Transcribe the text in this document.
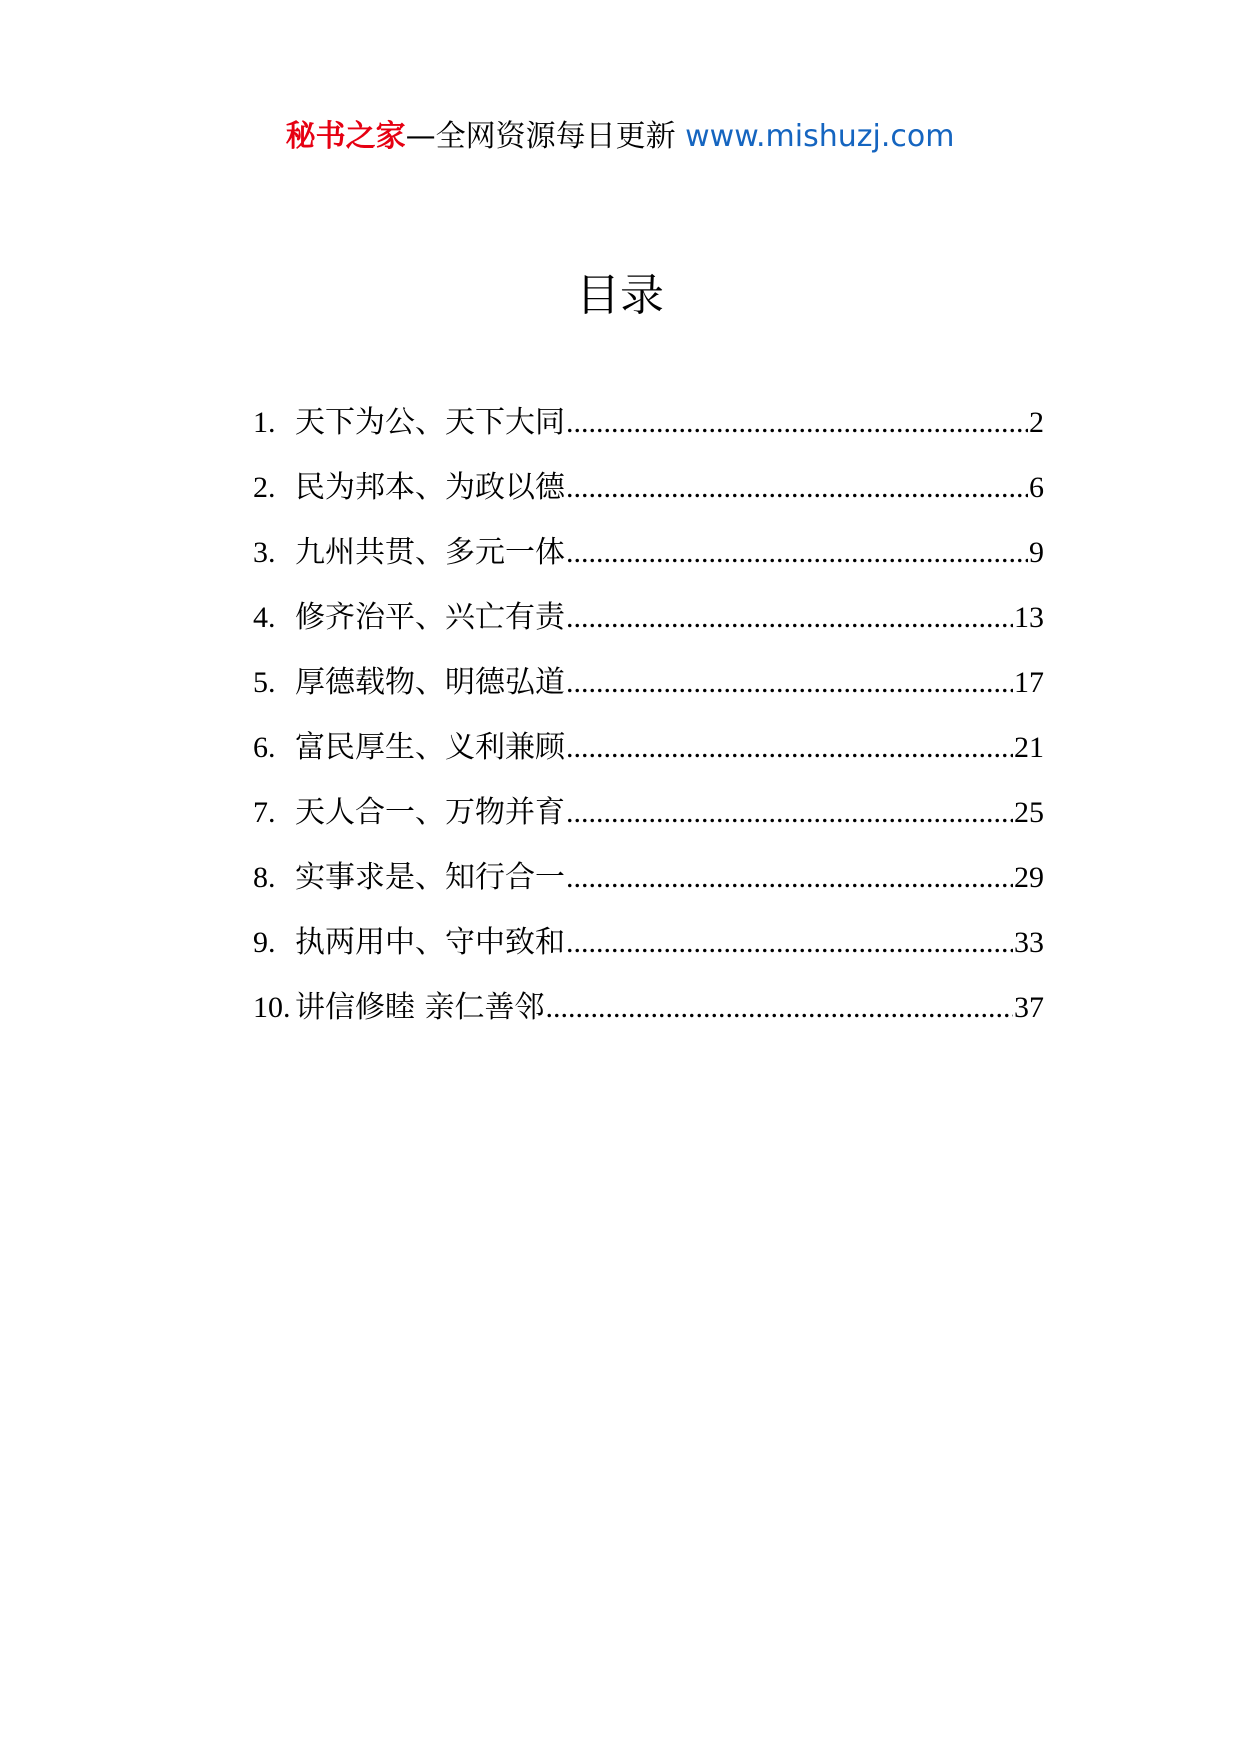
秘书之家—全网资源每日更新 www.mishuzj.com
目录
1. 天下为公、天下大同 .....	2
2. 民为邦本、为政以德 .....	6
3. 九州共贯、多元一体 .....	9
4. 修齐治平、兴亡有责 .....	13
5. 厚德载物、明德弘道 .....	17
6. 富民厚生、义利兼顾 .....	21
7. 天人合一、万物并育 .....	25
8. 实事求是、知行合一 .....	29
9. 执两用中、守中致和 .....	33
10. 讲信修睦 亲仁善邻 .....	37
